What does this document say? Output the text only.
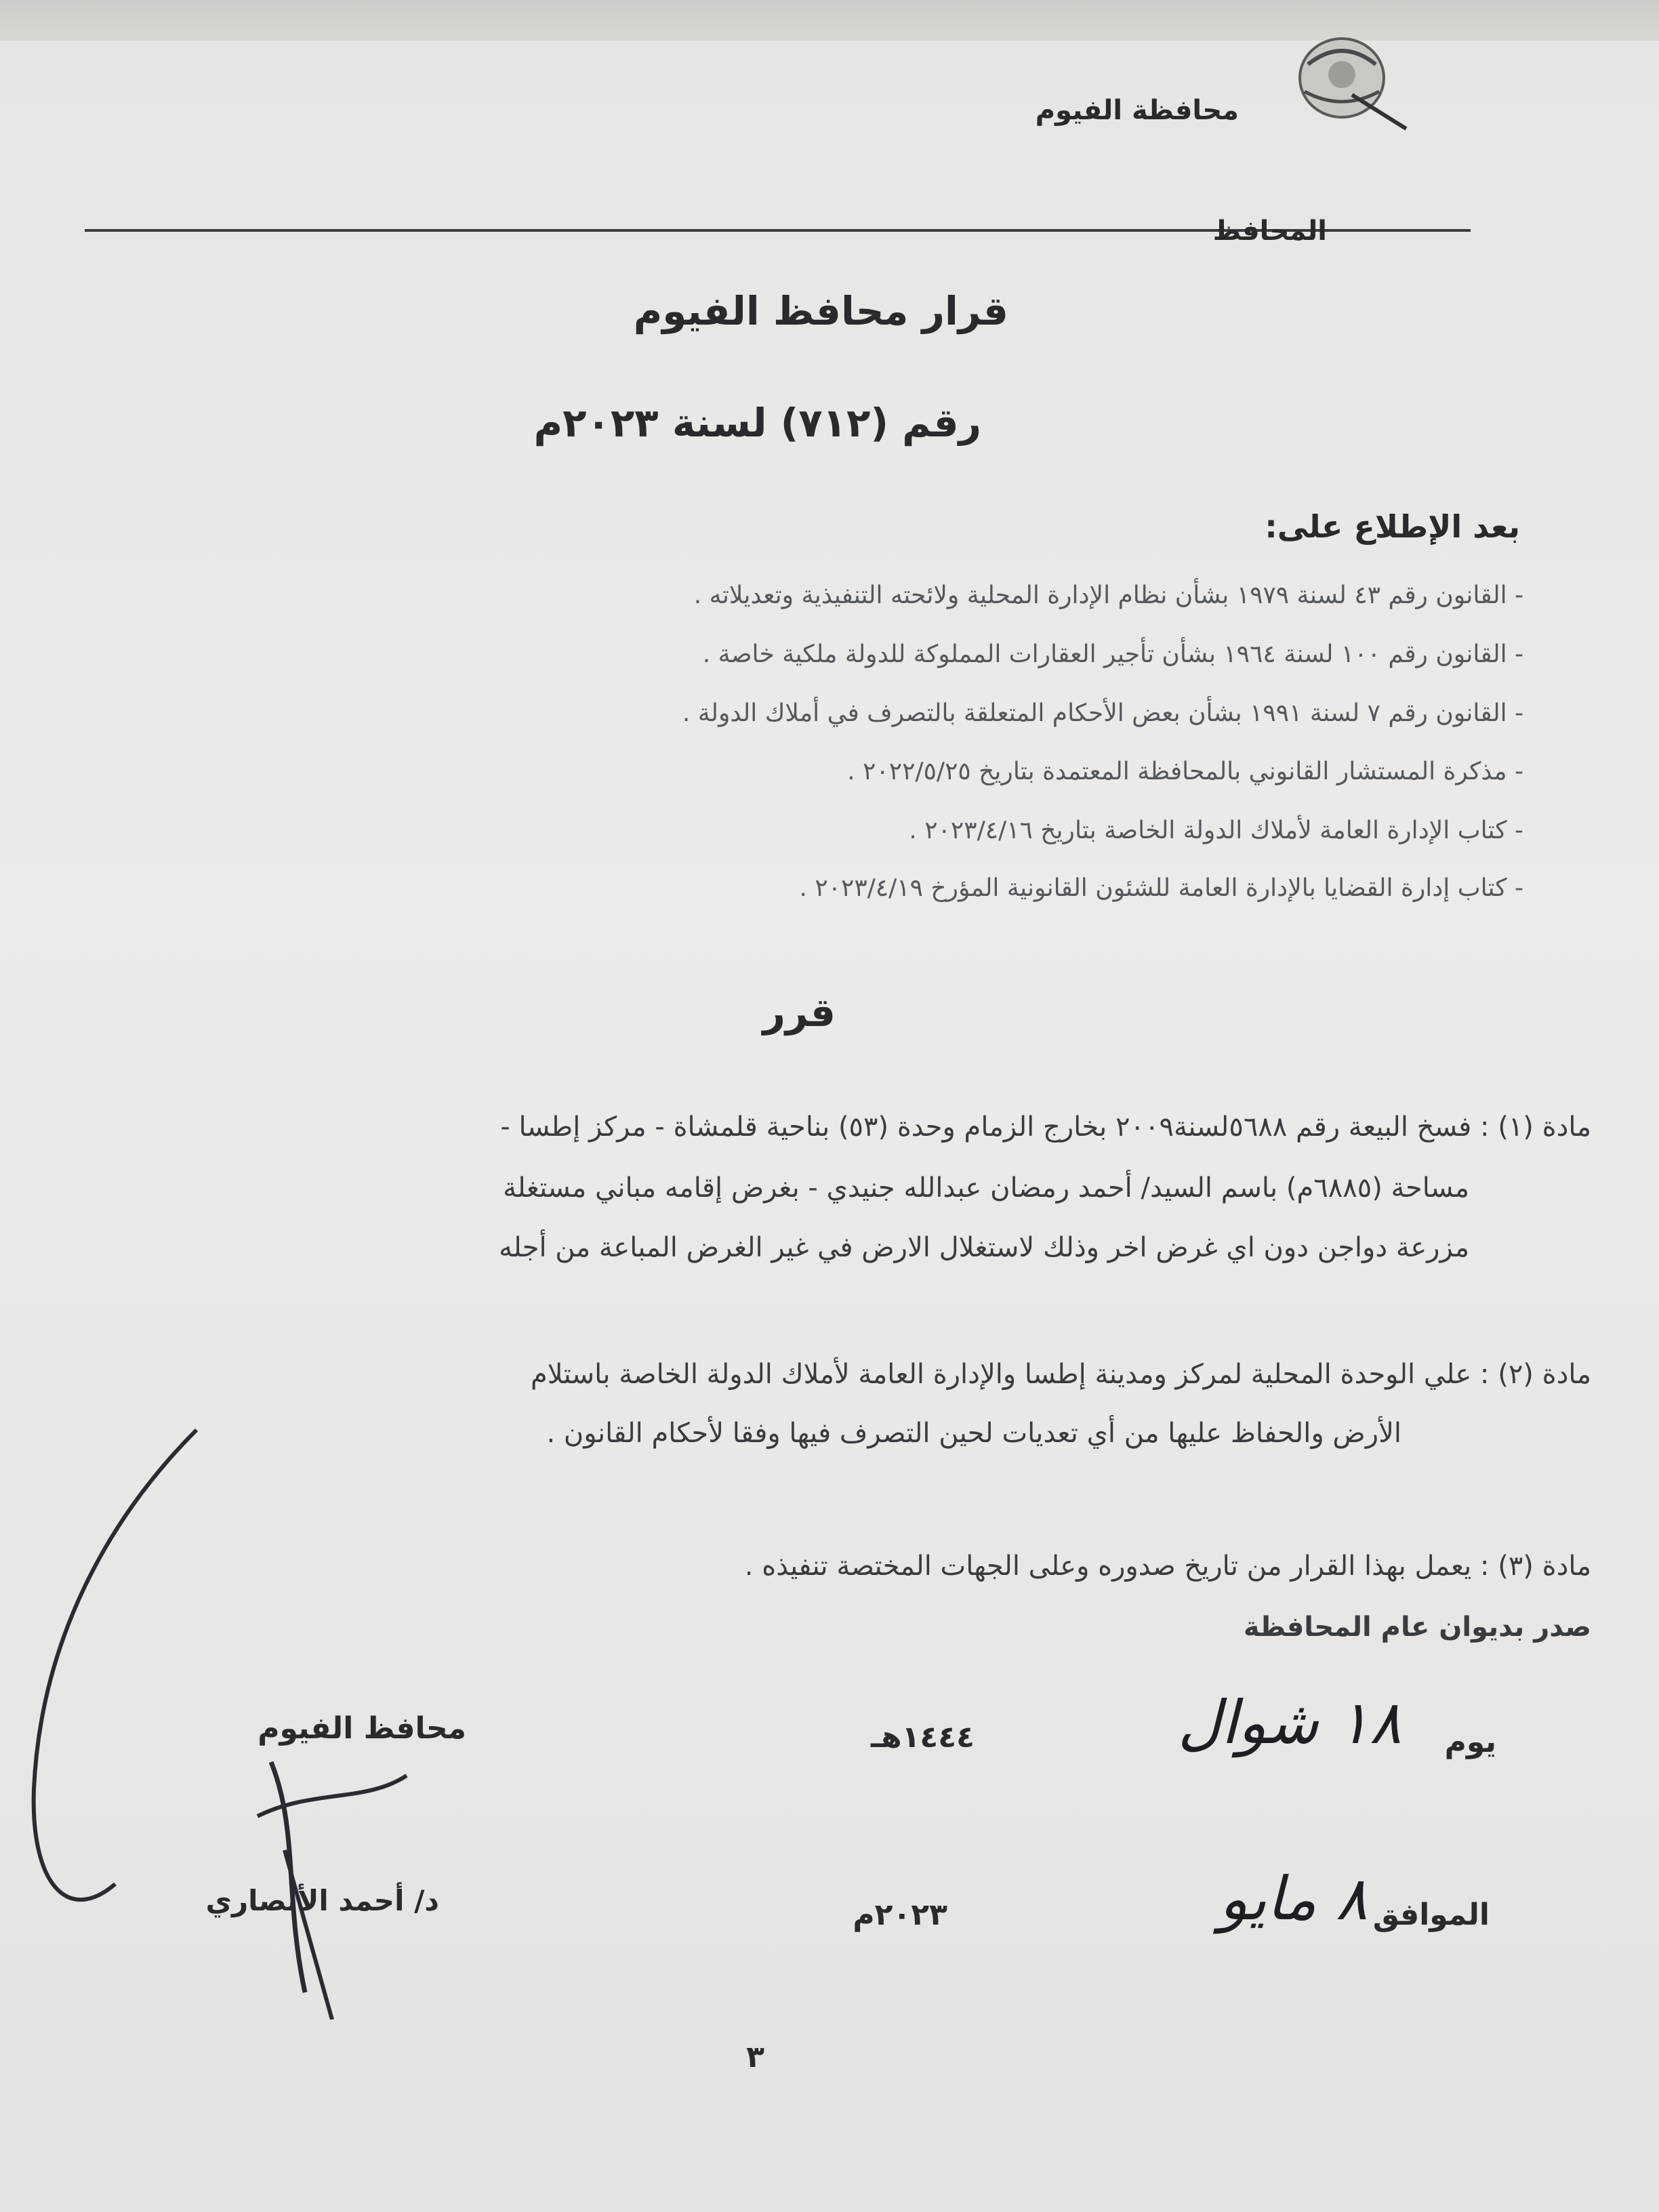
محافظة الفيوم
المحافظ
قرار محافظ الفيوم
رقم (٧١٢) لسنة ٢٠٢٣م
بعد الإطلاع على:
- القانون رقم ٤٣ لسنة ١٩٧٩ بشأن نظام الإدارة المحلية ولائحته التنفيذية وتعديلاته .
- القانون رقم ١٠٠ لسنة ١٩٦٤ بشأن تأجير العقارات المملوكة للدولة ملكية خاصة .
- القانون رقم ٧ لسنة ١٩٩١ بشأن بعض الأحكام المتعلقة بالتصرف في أملاك الدولة .
- مذكرة المستشار القانوني بالمحافظة المعتمدة بتاريخ ٢٠٢٢/٥/٢٥ .
- كتاب الإدارة العامة لأملاك الدولة الخاصة بتاريخ ٢٠٢٣/٤/١٦ .
- كتاب إدارة القضايا بالإدارة العامة للشئون القانونية المؤرخ ٢٠٢٣/٤/١٩ .
قرر
مادة (١) : فسخ البيعة رقم ٥٦٨٨لسنة٢٠٠٩ بخارج الزمام وحدة (٥٣) بناحية قلمشاة - مركز إطسا -
مساحة (٦٨٨٥م) باسم السيد/ أحمد رمضان عبدالله جنيدي - بغرض إقامه مباني مستغلة
مزرعة دواجن دون اي غرض اخر وذلك لاستغلال الارض في غير الغرض المباعة من أجله
مادة (٢) : علي الوحدة المحلية لمركز ومدينة إطسا والإدارة العامة لأملاك الدولة الخاصة باستلام
الأرض والحفاظ عليها من أي تعديات لحين التصرف فيها وفقا لأحكام القانون .
مادة (٣) : يعمل بهذا القرار من تاريخ صدوره وعلى الجهات المختصة تنفيذه .
صدر بديوان عام المحافظة
محافظ الفيوم
د/ أحمد الأنصاري
يوم
١٨ شوال
١٤٤٤هـ
الموافق
٨ مايو
٢٠٢٣م
٣
